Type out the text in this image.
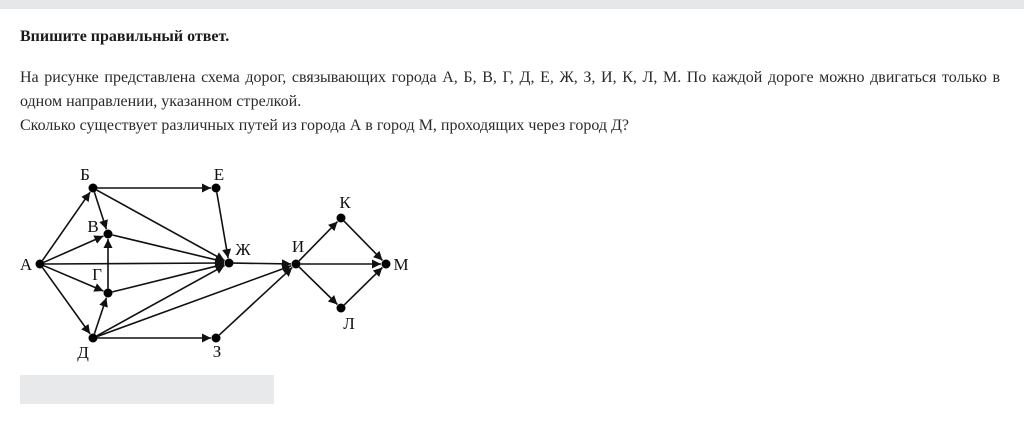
Впишите правильный ответ.

На рисунке представлена схема дорог, связывающих города А, Б, В, Г, Д, Е, Ж, З, И, К, Л, М. По каждой дороге можно двигаться только в одном направлении, указанном стрелкой.

Сколько существует различных путей из города А в город М, проходящих через город Д?

А
Б
В
Г
Д
Е
Ж
З
И
К
Л
М
